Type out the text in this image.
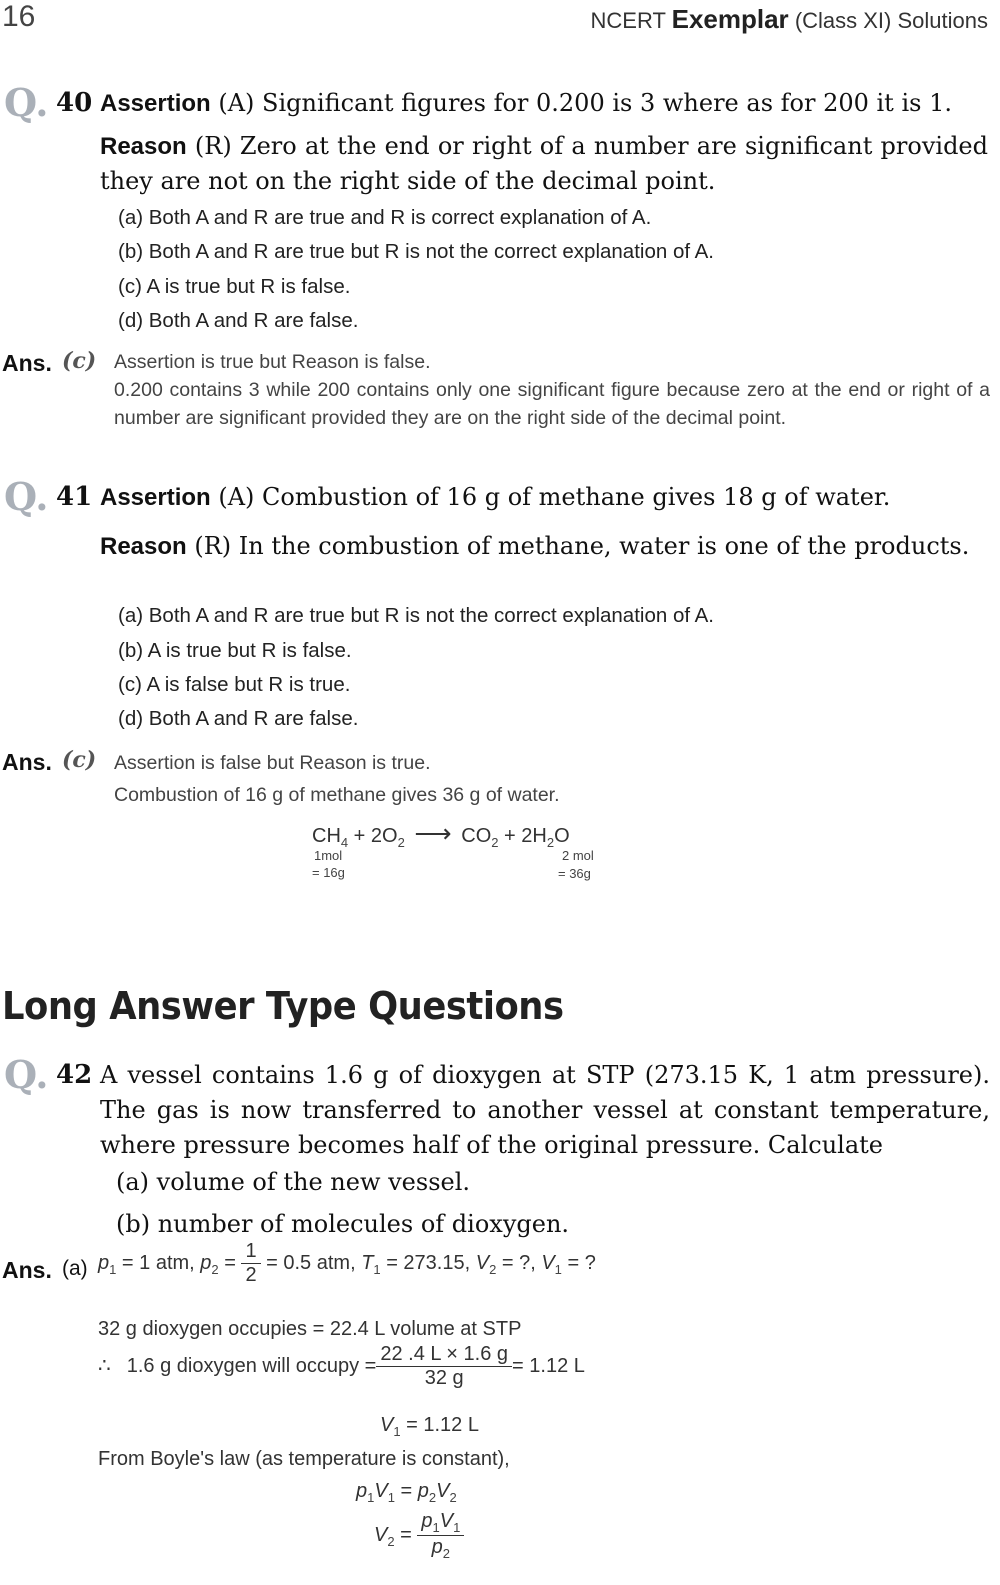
16	NCERT Exemplar (Class XI) Solutions
Q. 40 Assertion (A) Significant figures for 0.200 is 3 where as for 200 it is 1.
Reason (R) Zero at the end or right of a number are significant provided they are not on the right side of the decimal point.
(a) Both A and R are true and R is correct explanation of A.
(b) Both A and R are true but R is not the correct explanation of A.
(c) A is true but R is false.
(d) Both A and R are false.
Ans. (c) Assertion is true but Reason is false.

0.200 contains 3 while 200 contains only one significant figure because zero at the end or right of a number are significant provided they are on the right side of the decimal point.

Q. 41 Assertion (A) Combustion of 16 g of methane gives 18 g of water.
Reason (R) In the combustion of methane, water is one of the products.
(a) Both A and R are true but R is not the correct explanation of A.
(b) A is true but R is false.
(c) A is false but R is true.
(d) Both A and R are false.
Ans. (c) Assertion is false but Reason is true.

Combustion of 16 g of methane gives 36 g of water.

$CH_4 + 2O_2$ ⟶ $CO_2 + 2H_2O$
1mol
= 16g
2 mol
= 36g
Long Answer Type Questions
Q. 42 A vessel contains 1.6 g of dioxygen at STP (273.15 K, 1 atm pressure). The gas is now transferred to another vessel at constant temperature, where pressure becomes half of the original pressure. Calculate
(a) volume of the new vessel.
(b) number of molecules of dioxygen.
Ans. (a) $p_1 = 1$ atm, $p_2 = \frac{1}{2} = 0.5$ atm, $T_1 = 273.15$, $V_2$ = ?, $V_1$ = ?
32 g dioxygen occupies = 22.4 L volume at STP
∴ 1.6 g dioxygen will occupy = $\frac{22 .4 L \times 1.6 g}{32 g} = 1.12$ L
$V_1 = 1.12$ L
From Boyle's law (as temperature is constant),
$p_1V_1 = p_2V_2$
$V_2 = \frac{p_1V_1}{p_2}$
